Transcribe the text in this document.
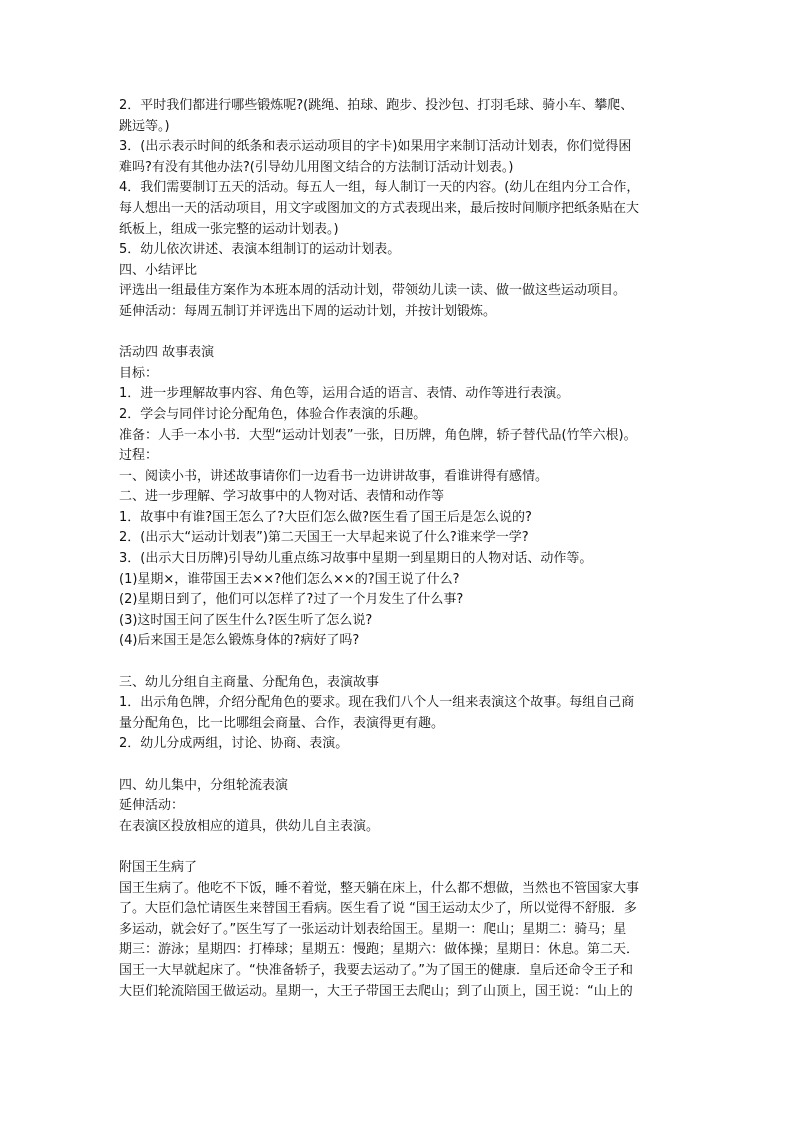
2．平时我们都进行哪些锻炼呢?(跳绳、拍球、跑步、投沙包、打羽毛球、骑小车、攀爬、
跳远等。)
3．(出示表示时间的纸条和表示运动项目的字卡)如果用字来制订活动计划表，你们觉得困
难吗?有没有其他办法?(引导幼儿用图文结合的方法制订活动计划表。)
4．我们需要制订五天的活动。每五人一组，每人制订一天的内容。(幼儿在组内分工合作，
每人想出一天的活动项目，用文字或图加文的方式表现出来，最后按时间顺序把纸条贴在大
纸板上，组成一张完整的运动计划表。)
5．幼儿依次讲述、表演本组制订的运动计划表。
四、小结评比
评选出一组最佳方案作为本班本周的活动计划，带领幼儿读一读、做一做这些运动项目。
延伸活动：每周五制订并评选出下周的运动计划，并按计划锻炼。
活动四 故事表演
目标：
1．进一步理解故事内容、角色等，运用合适的语言、表情、动作等进行表演。
2．学会与同伴讨论分配角色，体验合作表演的乐趣。
准备：人手一本小书．大型“运动计划表”一张，日历牌，角色牌，轿子替代品(竹竿六根)。
过程：
一、阅读小书，讲述故事请你们一边看书一边讲讲故事，看谁讲得有感情。
二、进一步理解、学习故事中的人物对话、表情和动作等
1．故事中有谁?国王怎么了?大臣们怎么做?医生看了国王后是怎么说的?
2．(出示大“运动计划表”)第二天国王一大早起来说了什么?谁来学一学?
3．(出示大日历牌)引导幼儿重点练习故事中星期一到星期日的人物对话、动作等。
(1)星期×，谁带国王去××?他们怎么××的?国王说了什么?
(2)星期日到了，他们可以怎样了?过了一个月发生了什么事?
(3)这时国王问了医生什么?医生听了怎么说?
(4)后来国王是怎么锻炼身体的?病好了吗?
三、幼儿分组自主商量、分配角色，表演故事
1．出示角色牌，介绍分配角色的要求。现在我们八个人一组来表演这个故事。每组自己商
量分配角色，比一比哪组会商量、合作，表演得更有趣。
2．幼儿分成两组，讨论、协商、表演。
四、幼儿集中，分组轮流表演
延伸活动：
在表演区投放相应的道具，供幼儿自主表演。
附国王生病了
国王生病了。他吃不下饭，睡不着觉，整天躺在床上，什么都不想做，当然也不管国家大事
了。大臣们急忙请医生来替国王看病。医生看了说 “国王运动太少了，所以觉得不舒服．多
多运动，就会好了。”医生写了一张运动计划表给国王。星期一：爬山；星期二：骑马；星
期三：游泳；星期四：打棒球；星期五：慢跑；星期六：做体操；星期日：休息。第二天．
国王一大早就起床了。“快准备轿子，我要去运动了。”为了国王的健康．皇后还命令王子和
大臣们轮流陪国王做运动。星期一，大王子带国王去爬山；到了山顶上，国王说：“山上的
